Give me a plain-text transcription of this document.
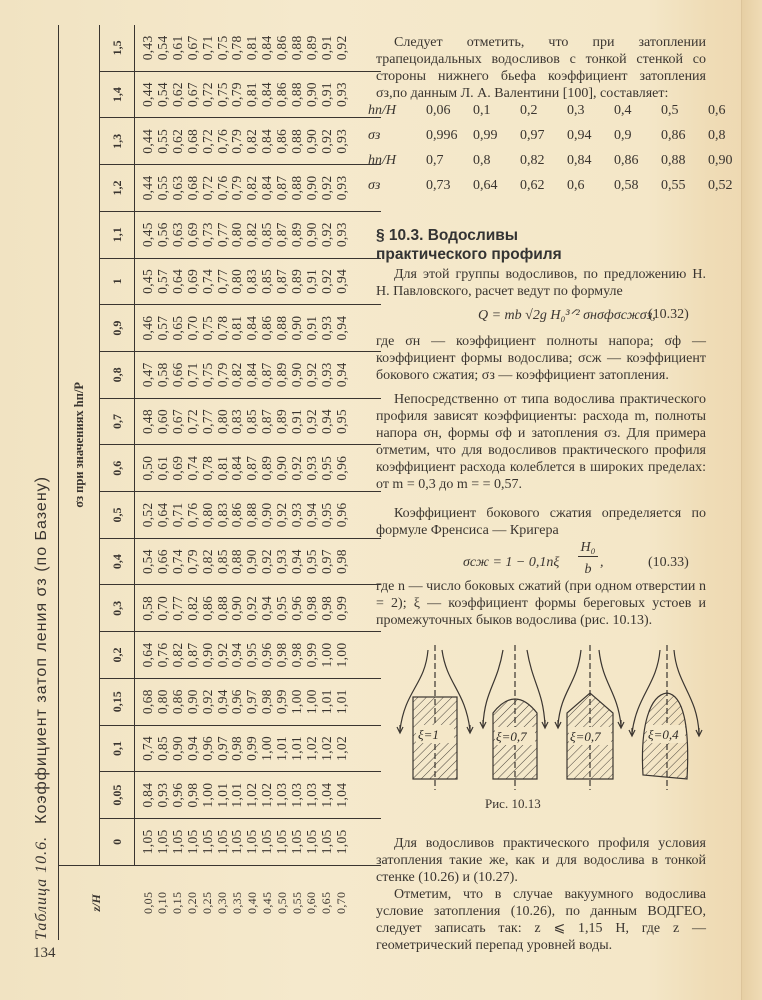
Таблица 10.6.   Коэффициент затоп ления σз (по Базену)
z/H	σз при значениях hп/P																	
	0	0,05	0,1	0,15	0,2	0,3	0,4	0,5	0,6	0,7	0,8	0,9	1	1,1	1,2	1,3	1,4	1,5

0,05 0,10 0,15 0,20 0,25 0,30 0,35 0,40 0,45 0,50 0,55 0,60 0,65 0,70

1,05 1,05 1,05 1,05 1,05 1,05 1,05 1,05 1,05 1,05 1,05 1,05 1,05 1,05

0,84 0,93 0,96 0,98 1,00 1,01 1,01 1,02 1,02 1,03 1,03 1,03 1,04 1,04

0,74 0,85 0,90 0,94 0,96 0,97 0,98 0,99 1,00 1,01 1,01 1,02 1,02 1,02

0,68 0,80 0,86 0,90 0,92 0,94 0,96 0,97 0,98 0,99 1,00 1,00 1,01 1,01

0,64 0,76 0,82 0,87 0,90 0,92 0,94 0,95 0,96 0,98 0,98 0,99 1,00 1,00

0,58 0,70 0,77 0,82 0,86 0,88 0,90 0,92 0,94 0,95 0,96 0,98 0,98 0,99

0,54 0,66 0,74 0,79 0,82 0,85 0,88 0,90 0,92 0,93 0,94 0,95 0,97 0,98

0,52 0,64 0,71 0,76 0,80 0,83 0,86 0,88 0,90 0,92 0,93 0,94 0,95 0,96

0,50 0,61 0,69 0,74 0,78 0,81 0,84 0,87 0,89 0,90 0,92 0,93 0,95 0,96

0,48 0,60 0,67 0,72 0,77 0,80 0,83 0,85 0,87 0,89 0,91 0,92 0,94 0,95

0,47 0,58 0,66 0,71 0,75 0,79 0,82 0,84 0,87 0,89 0,90 0,92 0,93 0,94

0,46 0,57 0,65 0,70 0,75 0,78 0,81 0,84 0,86 0,88 0,90 0,91 0,93 0,94

0,45 0,57 0,64 0,69 0,74 0,77 0,80 0,83 0,85 0,87 0,89 0,91 0,92 0,94

0,45 0,56 0,63 0,69 0,73 0,77 0,80 0,82 0,85 0,87 0,89 0,90 0,92 0,93

0,44 0,55 0,63 0,68 0,72 0,76 0,79 0,82 0,84 0,87 0,88 0,90 0,92 0,93

0,44 0,55 0,62 0,68 0,72 0,76 0,79 0,82 0,84 0,86 0,88 0,90 0,92 0,93

0,44 0,54 0,62 0,67 0,72 0,75 0,79 0,81 0,84 0,86 0,88 0,90 0,91 0,93

0,43 0,54 0,61 0,67 0,71 0,75 0,78 0,81 0,84 0,86 0,88 0,89 0,91 0,92
134
Следует отметить, что при затоплении трапецоидальных водосливов с тонкой стенкой со стороны нижнего бьефа коэффициент затопления σз,по данным Л. А. Валентини [100], составляет:
hп/H	0,06	0,1	0,2	0,3	0,4	0,5	0,6
σз	0,996	0,99	0,97	0,94	0,9	0,86	0,8
hп/H	0,7	0,8	0,82	0,84	0,86	0,88	0,90
σз	0,73	0,64	0,62	0,6	0,58	0,55	0,52
§ 10.3. Водосливы
практического профиля
Для этой группы водосливов, по предложению Н. Н. Павловского, расчет ведут по формуле
Q = mb √2g H₀³ᐟ² σнσфσсжσз,
(10.32)
где σн — коэффициент полноты напора; σф — коэффициент формы водослива; σсж — коэффициент бокового сжатия; σз — коэффициент затопления.
Непосредственно от типа водослива практического профиля зависят коэффициенты: расхода m, полноты напора σн, формы σф и затопления σз. Для примера отметим, что для водосливов практического профиля коэффициент расхода колеблется в широких пределах: от m = 0,3 до m = = 0,57.
Коэффициент бокового сжатия определяется по формуле Френсиса — Кригера
σсж = 1 − 0,1nξ
H₀
b ,	(10.33)
где n — число боковых сжатий (при одном отверстии n = 2); ξ — коэффициент формы береговых устоев и промежуточных быков водослива (рис. 10.13).
ξ=1	ξ=0,7	ξ=0,7	ξ=0,4
Рис. 10.13
Для водосливов практического профиля условия затопления такие же, как и для водослива в тонкой стенке (10.26) и (10.27).
Отметим, что в случае вакуумного водослива условие затопления (10.26), по данным ВОДГЕО, следует записать так: z ⩽ 1,15 H, где z — геометрический перепад уровней воды.
